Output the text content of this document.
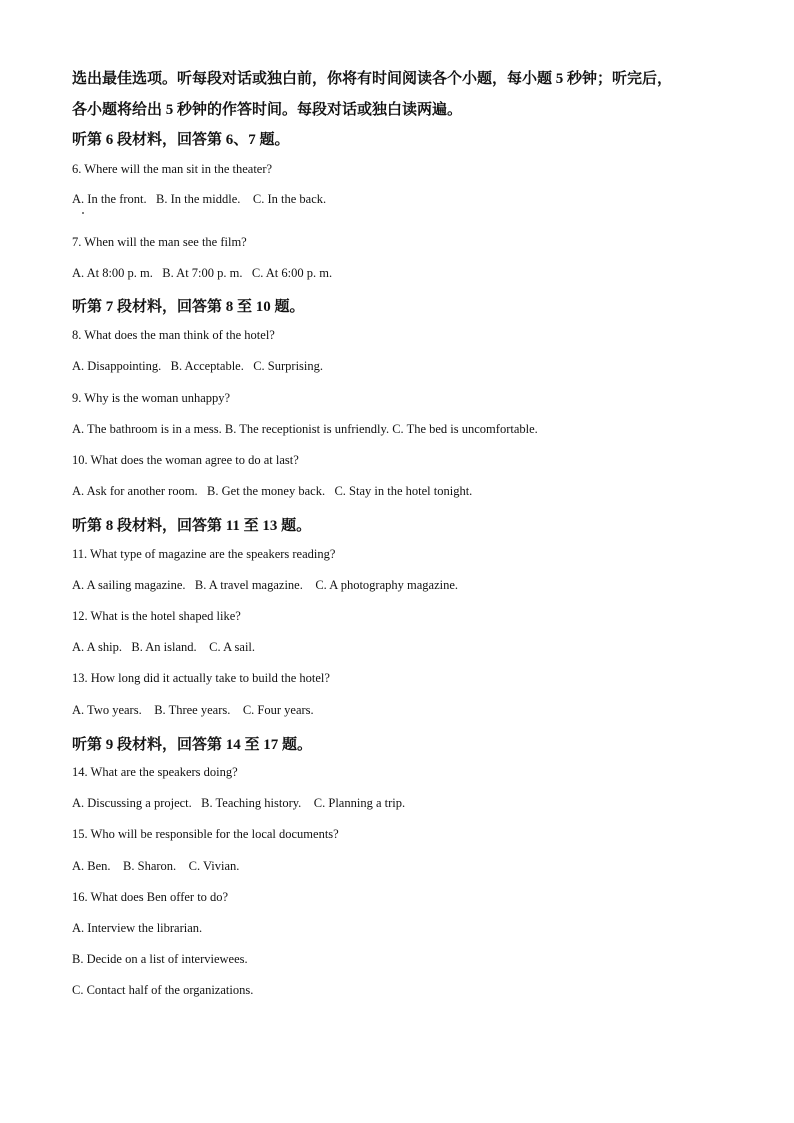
选出最佳选项。听每段对话或独白前，你将有时间阅读各个小题，每小题 5 秒钟；听完后，
各小题将给出 5 秒钟的作答时间。每段对话或独白读两遍。

听第 6 段材料，回答第 6、7 题。

6. Where will the man sit in the theater?

A. In the front.   B. In the middle.    C. In the back.

7. When will the man see the film?

A. At 8:00 p. m.   B. At 7:00 p. m.   C. At 6:00 p. m.

听第 7 段材料，回答第 8 至 10 题。

8. What does the man think of the hotel?

A. Disappointing.   B. Acceptable.   C. Surprising.

9. Why is the woman unhappy?

A. The bathroom is in a mess. B. The receptionist is unfriendly. C. The bed is uncomfortable.

10. What does the woman agree to do at last?

A. Ask for another room.   B. Get the money back.   C. Stay in the hotel tonight.

听第 8 段材料，回答第 11 至 13 题。

11. What type of magazine are the speakers reading?

A. A sailing magazine.   B. A travel magazine.    C. A photography magazine.

12. What is the hotel shaped like?

A. A ship.   B. An island.    C. A sail.

13. How long did it actually take to build the hotel?

A. Two years.    B. Three years.    C. Four years.

听第 9 段材料，回答第 14 至 17 题。

14. What are the speakers doing?

A. Discussing a project.   B. Teaching history.    C. Planning a trip.

15. Who will be responsible for the local documents?

A. Ben.    B. Sharon.    C. Vivian.

16. What does Ben offer to do?

A. Interview the librarian.

B. Decide on a list of interviewees.

C. Contact half of the organizations.
